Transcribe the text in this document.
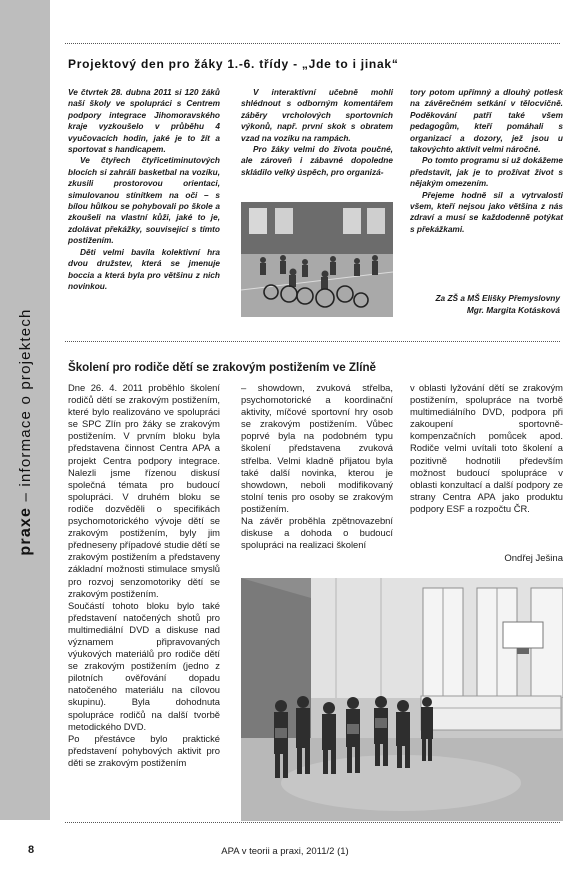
praxe – informace o projektech
Projektový den pro žáky 1.-6. třídy - „Jde to i jinak“

Ve čtvrtek 28. dubna 2011 si 120 žáků naší školy ve spolupráci s Centrem podpory integrace Jihomoravského kraje vyzkoušelo v průběhu 4 vyučovacích hodin, jaké je to žít a sportovat s handicapem.

Ve čtyřech čtyřicetiminutových blocích si zahráli basketbal na vozíku, zkusili prostorovou orientaci, simulovanou stínítkem na oči – s bílou hůlkou se pohybovali po škole a zkoušeli na vlastní kůži, jaké to je, zdolávat překážky, související s tímto postižením.

Děti velmi bavila kolektivní hra dvou družstev, která se jmenuje boccia a která byla pro většinu z nich novinkou.

V interaktivní učebně mohli shlédnout s odborným komentářem záběry vrcholových sportovních výkonů, např. první skok s obratem vzad na vozíku na rampách.

Pro žáky velmi do života poučné, ale zároveň i zábavné dopoledne skládilo velký úspěch, pro organizá-

tory potom upřímný a dlouhý potlesk na závěrečném setkání v tělocvičně. Poděkování patří také všem pedagogům, kteří pomáhali s organizací a dozory, jež jsou u takovýchto aktivit velmi náročné.

Po tomto programu si už dokážeme představit, jak je to prožívat život s nějakým omezením.

Přejeme hodně sil a vytrvalosti všem, kteří nejsou jako většina z nás zdraví a musí se každodenně potýkat s překážkami.

Za ZŠ a MŠ Elišky Přemyslovny
Mgr. Margita Kotásková
Školení pro rodiče dětí se zrakovým postižením ve Zlíně

Dne 26. 4. 2011 proběhlo školení rodičů dětí se zrakovým postižením, které bylo realizováno ve spolupráci se SPC Zlín pro žáky se zrakovým postižením. V prvním bloku byla představena činnost Centra APA a projekt Centra podpory integrace. Nalezli jsme řízenou diskusí společná témata pro budoucí spolupráci. V druhém bloku se rodiče dozvěděli o specifikách psychomotorického vývoje dětí se zrakovým postižením, byly jim předneseny případové studie dětí se zrakovým postižením a představeny základní možnosti stimulace smyslů pro rozvoj senzomotoriky dětí se zrakovým postižením.

Součástí tohoto bloku bylo také představení natočených shotů pro multimediální DVD a diskuse nad významem připravovaných výukových materiálů pro rodiče dětí se zrakovým postižením (jedno z pilotních ověřování dopadu natočeného materiálu na cílovou skupinu). Byla dohodnuta spolupráce rodičů na další tvorbě metodického DVD.

Po přestávce bylo praktické představení pohybových aktivit pro děti se zrakovým postižením

– showdown, zvuková střelba, psychomotorické a koordinační aktivity, míčové sportovní hry osob se zrakovým postižením. Vůbec poprvé byla na podobném typu školení představena zvuková střelba. Velmi kladně přijatou byla také další novinka, kterou je showdown, neboli modifikovaný stolní tenis pro osoby se zrakovým postižením.

Na závěr proběhla zpětnovazební diskuse a dohoda o budoucí spolupráci na realizaci školení

v oblasti lyžování dětí se zrakovým postižením, spolupráce na tvorbě multimediálního DVD, podpora při zakoupení sportovně-kompenzačních pomůcek apod. Rodiče velmi uvítali toto školení a pozitivně hodnotili především možnost budoucí spolupráce v oblasti konzultací a další podpory ze strany Centra APA jako produktu podpory ESF a rozpočtu ČR.

Ondřej Ješina
8	APA v teorii a praxi, 2011/2 (1)
